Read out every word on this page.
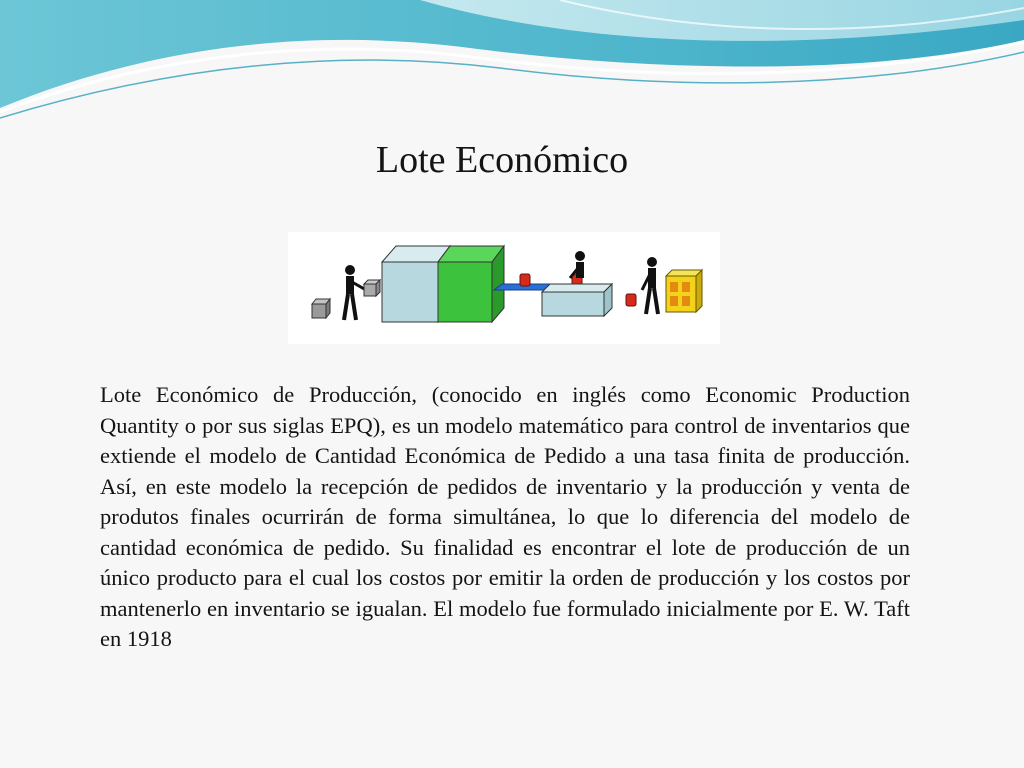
Lote Económico
Lote Económico de Producción, (conocido en inglés como Economic Production Quantity o por sus siglas EPQ), es un modelo matemático para control de inventarios que extiende el modelo de Cantidad Económica de Pedido a una tasa finita de producción. Así, en este modelo la recepción de pedidos de inventario y la producción y venta de produtos finales ocurrirán de forma simultánea, lo que lo diferencia del modelo de cantidad económica de pedido. Su finalidad es encontrar el lote de producción de un único producto para el cual los costos por emitir la orden de producción y los costos por mantenerlo en inventario se igualan. El modelo fue formulado inicialmente por E. W. Taft en 1918
